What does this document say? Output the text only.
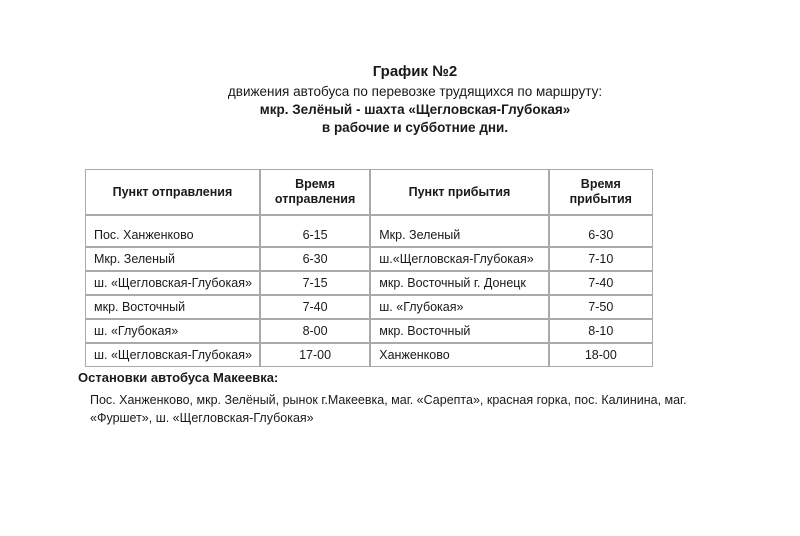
График №2
движения автобуса по перевозке трудящихся по маршруту:
мкр. Зелёный - шахта «Щегловская-Глубокая»
в рабочие и субботние дни.
Пункт отправления	Время отправления	Пункт прибытия	Время прибытия
Пос. Ханженково	6-15	Мкр. Зеленый	6-30
Мкр. Зеленый	6-30	ш.«Щегловская-Глубокая»	7-10
ш. «Щегловская-Глубокая»	7-15	мкр. Восточный г. Донецк	7-40
мкр. Восточный	7-40	ш. «Глубокая»	7-50
ш. «Глубокая»	8-00	мкр. Восточный	8-10
ш. «Щегловская-Глубокая»	17-00	Ханженково	18-00
Остановки автобуса Макеевка:
Пос. Ханженково, мкр. Зелёный, рынок г.Макеевка, маг. «Сарепта», красная горка, пос. Калинина, маг. «Фуршет», ш. «Щегловская-Глубокая»
